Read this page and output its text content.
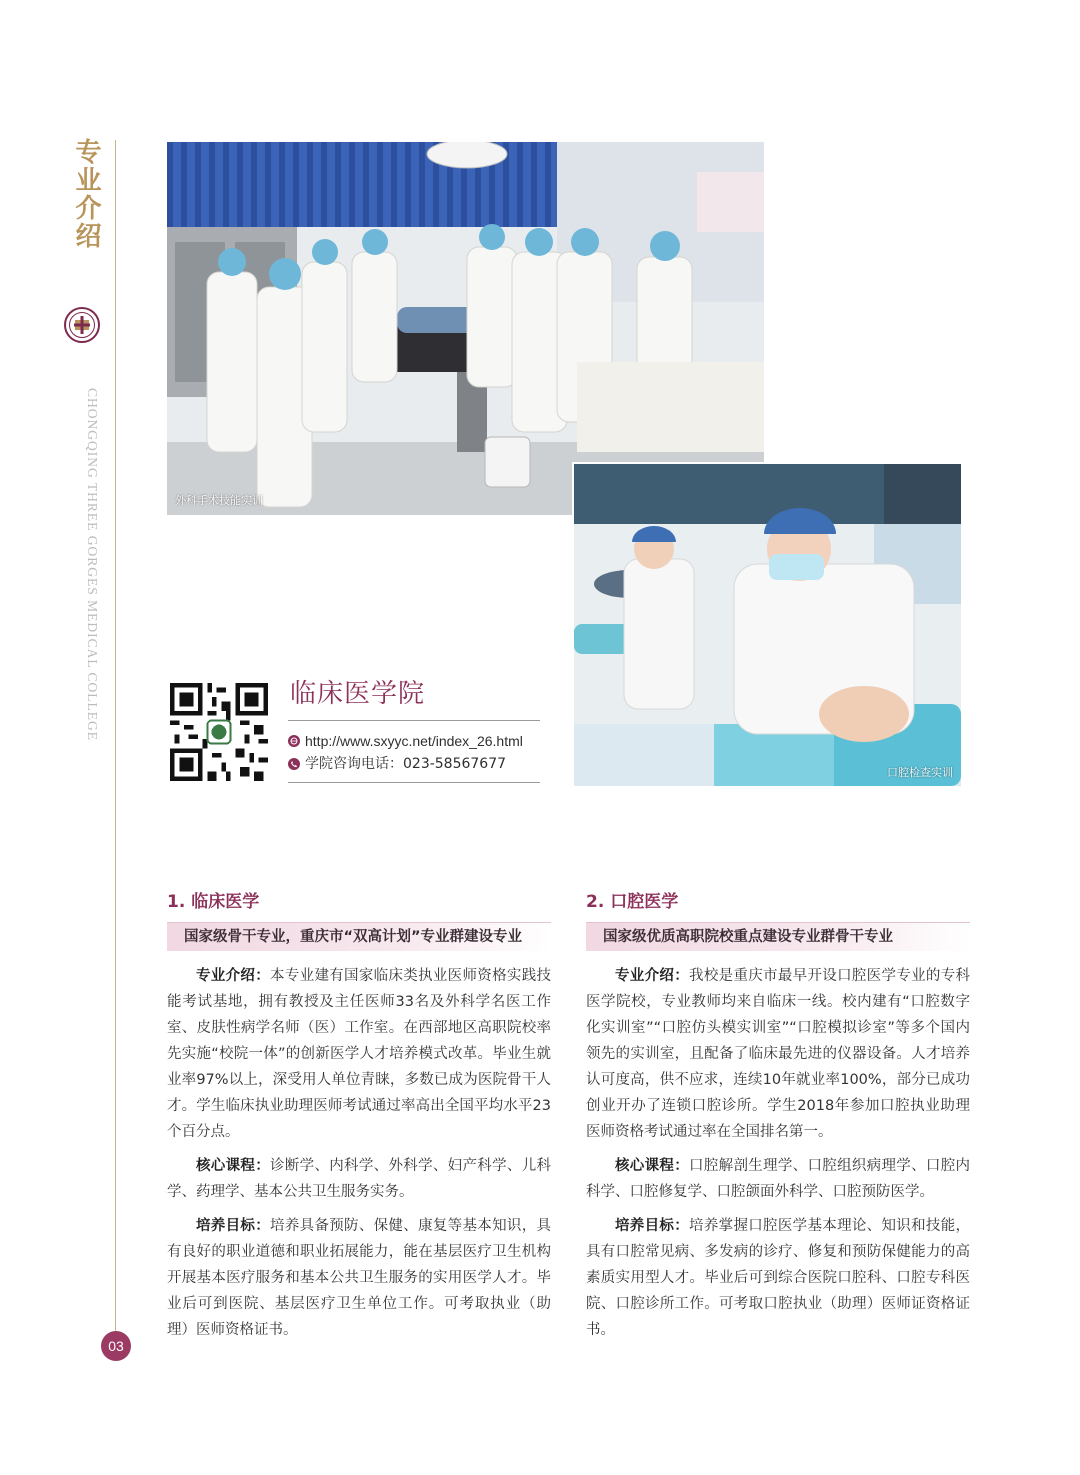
专业介绍
CHONGQING THREE GORGES MEDICAL COLLEGE
03
外科手术技能实训
口腔检查实训
临床医学院
http://www.sxyyc.net/index_26.html
学院咨询电话：023-58567677
1. 临床医学
国家级骨干专业，重庆市“双高计划”专业群建设专业

专业介绍：本专业建有国家临床类执业医师资格实践技能考试基地，拥有教授及主任医师33名及外科学名医工作室、皮肤性病学名师（医）工作室。在西部地区高职院校率先实施“校院一体”的创新医学人才培养模式改革。毕业生就业率97%以上，深受用人单位青睐，多数已成为医院骨干人才。学生临床执业助理医师考试通过率高出全国平均水平23个百分点。

核心课程：诊断学、内科学、外科学、妇产科学、儿科学、药理学、基本公共卫生服务实务。

培养目标：培养具备预防、保健、康复等基本知识，具有良好的职业道德和职业拓展能力，能在基层医疗卫生机构开展基本医疗服务和基本公共卫生服务的实用医学人才。毕业后可到医院、基层医疗卫生单位工作。可考取执业（助理）医师资格证书。

2. 口腔医学
国家级优质高职院校重点建设专业群骨干专业

专业介绍：我校是重庆市最早开设口腔医学专业的专科医学院校，专业教师均来自临床一线。校内建有“口腔数字化实训室”“口腔仿头模实训室”“口腔模拟诊室”等多个国内领先的实训室，且配备了临床最先进的仪器设备。人才培养认可度高，供不应求，连续10年就业率100%，部分已成功创业开办了连锁口腔诊所。学生2018年参加口腔执业助理医师资格考试通过率在全国排名第一。

核心课程：口腔解剖生理学、口腔组织病理学、口腔内科学、口腔修复学、口腔颌面外科学、口腔预防医学。

培养目标：培养掌握口腔医学基本理论、知识和技能，具有口腔常见病、多发病的诊疗、修复和预防保健能力的高素质实用型人才。毕业后可到综合医院口腔科、口腔专科医院、口腔诊所工作。可考取口腔执业（助理）医师证资格证书。
